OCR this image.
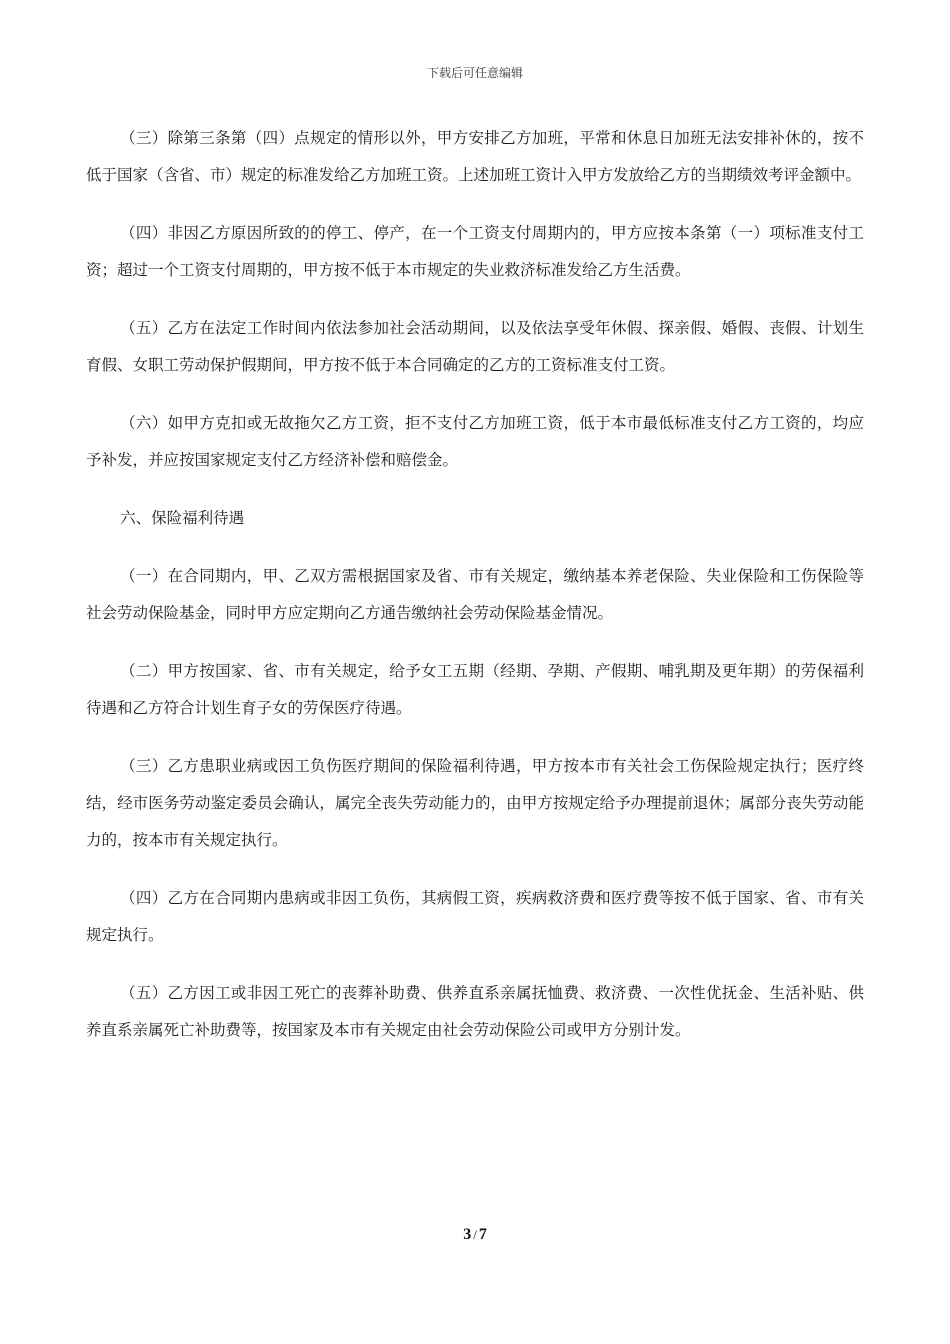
下载后可任意编辑

（三）除第三条第（四）点规定的情形以外，甲方安排乙方加班，平常和休息日加班无法安排补休的，按不低于国家（含省、市）规定的标准发给乙方加班工资。上述加班工资计入甲方发放给乙方的当期绩效考评金额中。

（四）非因乙方原因所致的的停工、停产，在一个工资支付周期内的，甲方应按本条第（一）项标准支付工资；超过一个工资支付周期的，甲方按不低于本市规定的失业救济标准发给乙方生活费。

（五）乙方在法定工作时间内依法参加社会活动期间，以及依法享受年休假、探亲假、婚假、丧假、计划生育假、女职工劳动保护假期间，甲方按不低于本合同确定的乙方的工资标准支付工资。

（六）如甲方克扣或无故拖欠乙方工资，拒不支付乙方加班工资，低于本市最低标准支付乙方工资的，均应予补发，并应按国家规定支付乙方经济补偿和赔偿金。

六、保险福利待遇

（一）在合同期内，甲、乙双方需根据国家及省、市有关规定，缴纳基本养老保险、失业保险和工伤保险等社会劳动保险基金，同时甲方应定期向乙方通告缴纳社会劳动保险基金情况。

（二）甲方按国家、省、市有关规定，给予女工五期（经期、孕期、产假期、哺乳期及更年期）的劳保福利待遇和乙方符合计划生育子女的劳保医疗待遇。

（三）乙方患职业病或因工负伤医疗期间的保险福利待遇，甲方按本市有关社会工伤保险规定执行；医疗终结，经市医务劳动鉴定委员会确认，属完全丧失劳动能力的，由甲方按规定给予办理提前退休；属部分丧失劳动能力的，按本市有关规定执行。

（四）乙方在合同期内患病或非因工负伤，其病假工资，疾病救济费和医疗费等按不低于国家、省、市有关规定执行。

（五）乙方因工或非因工死亡的丧葬补助费、供养直系亲属抚恤费、救济费、一次性优抚金、生活补贴、供养直系亲属死亡补助费等，按国家及本市有关规定由社会劳动保险公司或甲方分别计发。

3 / 7
